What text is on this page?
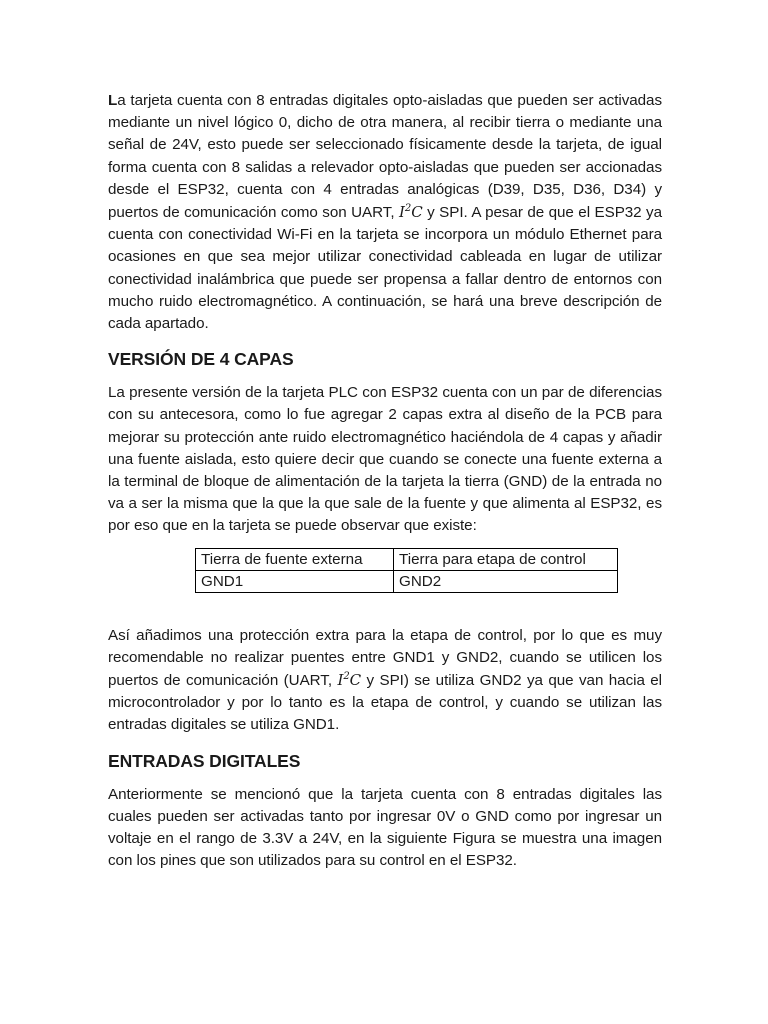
La tarjeta cuenta con 8 entradas digitales opto-aisladas que pueden ser activadas mediante un nivel lógico 0, dicho de otra manera, al recibir tierra o mediante una señal de 24V, esto puede ser seleccionado físicamente desde la tarjeta, de igual forma cuenta con 8 salidas a relevador opto-aisladas que pueden ser accionadas desde el ESP32, cuenta con 4 entradas analógicas (D39, D35, D36, D34) y puertos de comunicación como son UART, $I^2C$ y SPI. A pesar de que el ESP32 ya cuenta con conectividad Wi-Fi en la tarjeta se incorpora un módulo Ethernet para ocasiones en que sea mejor utilizar conectividad cableada en lugar de utilizar conectividad inalámbrica que puede ser propensa a fallar dentro de entornos con mucho ruido electromagnético. A continuación, se hará una breve descripción de cada apartado.

VERSIÓN DE 4 CAPAS

La presente versión de la tarjeta PLC con ESP32 cuenta con un par de diferencias con su antecesora, como lo fue agregar 2 capas extra al diseño de la PCB para mejorar su protección ante ruido electromagnético haciéndola de 4 capas y añadir una fuente aislada, esto quiere decir que cuando se conecte una fuente externa a la terminal de bloque de alimentación de la tarjeta la tierra (GND) de la entrada no va a ser la misma que la que la que sale de la fuente y que alimenta al ESP32, es por eso que en la tarjeta se puede observar que existe:

Tierra de fuente externa	Tierra para etapa de control
GND1	GND2

Así añadimos una protección extra para la etapa de control, por lo que es muy recomendable no realizar puentes entre GND1 y GND2, cuando se utilicen los puertos de comunicación (UART, $I^2C$ y SPI) se utiliza GND2 ya que van hacia el microcontrolador y por lo tanto es la etapa de control, y cuando se utilizan las entradas digitales se utiliza GND1.

ENTRADAS DIGITALES

Anteriormente se mencionó que la tarjeta cuenta con 8 entradas digitales las cuales pueden ser activadas tanto por ingresar 0V o GND como por ingresar un voltaje en el rango de 3.3V a 24V, en la siguiente Figura se muestra una imagen con los pines que son utilizados para su control en el ESP32.
